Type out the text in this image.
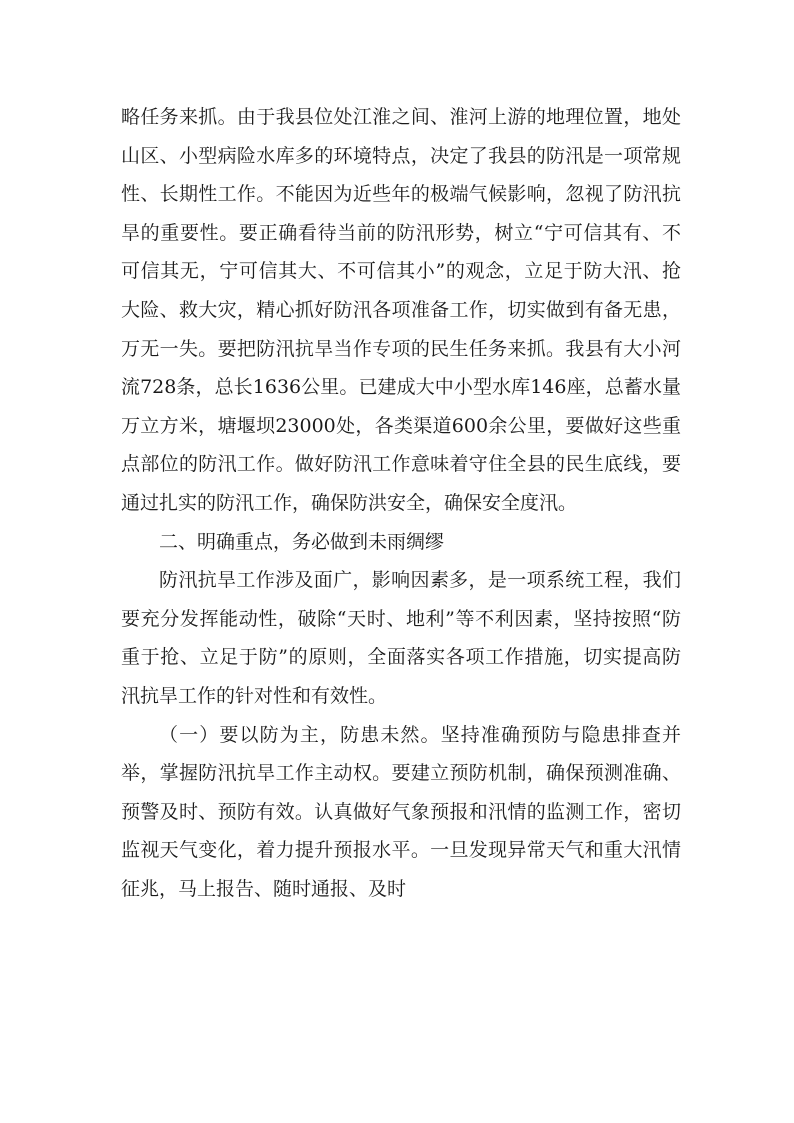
略任务来抓。由于我县位处江淮之间、淮河上游的地理位置，地处山区、小型病险水库多的环境特点，决定了我县的防汛是一项常规性、长期性工作。不能因为近些年的极端气候影响，忽视了防汛抗旱的重要性。要正确看待当前的防汛形势，树立“宁可信其有、不可信其无，宁可信其大、不可信其小”的观念，立足于防大汛、抢大险、救大灾，精心抓好防汛各项准备工作，切实做到有备无患，万无一失。要把防汛抗旱当作专项的民生任务来抓。我县有大小河流728条，总长1636公里。已建成大中小型水库146座，总蓄水量万立方米，塘堰坝23000处，各类渠道600余公里，要做好这些重点部位的防汛工作。做好防汛工作意味着守住全县的民生底线，要通过扎实的防汛工作，确保防洪安全，确保安全度汛。

二、明确重点，务必做到未雨绸缪

防汛抗旱工作涉及面广，影响因素多，是一项系统工程，我们要充分发挥能动性，破除“天时、地利”等不利因素，坚持按照“防重于抢、立足于防”的原则，全面落实各项工作措施，切实提高防汛抗旱工作的针对性和有效性。

（一）要以防为主，防患未然。坚持准确预防与隐患排查并举，掌握防汛抗旱工作主动权。要建立预防机制，确保预测准确、预警及时、预防有效。认真做好气象预报和汛情的监测工作，密切监视天气变化，着力提升预报水平。一旦发现异常天气和重大汛情征兆，马上报告、随时通报、及时
